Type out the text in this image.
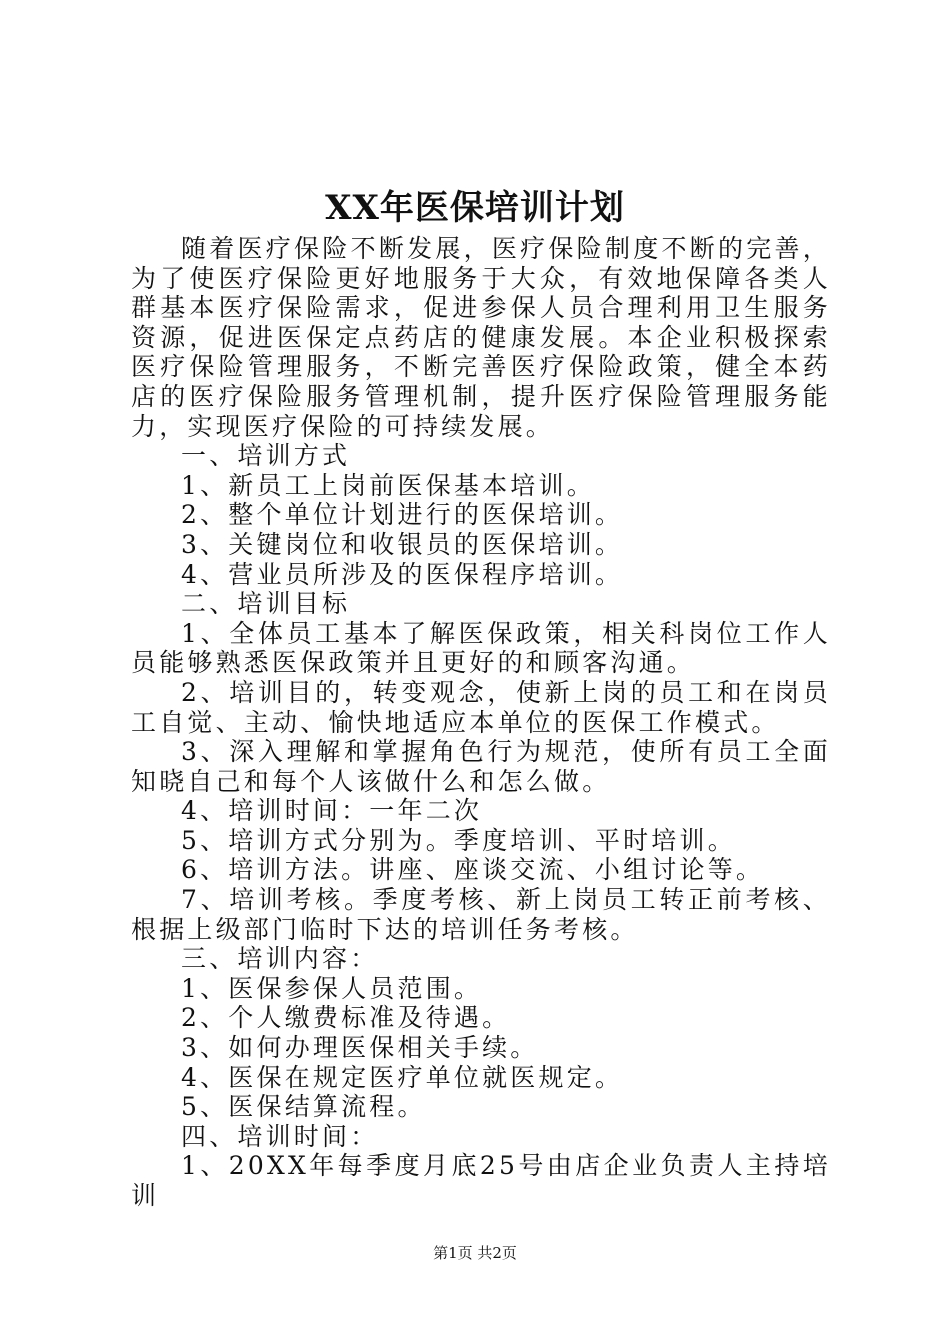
XX年医保培训计划

随着医疗保险不断发展，医疗保险制度不断的完善，为了使医疗保险更好地服务于大众，有效地保障各类人群基本医疗保险需求，促进参保人员合理利用卫生服务资源，促进医保定点药店的健康发展。本企业积极探索医疗保险管理服务，不断完善医疗保险政策，健全本药店的医疗保险服务管理机制，提升医疗保险管理服务能力，实现医疗保险的可持续发展。

一、培训方式

1、新员工上岗前医保基本培训。

2、整个单位计划进行的医保培训。

3、关键岗位和收银员的医保培训。

4、营业员所涉及的医保程序培训。

二、培训目标

1、全体员工基本了解医保政策，相关科岗位工作人员能够熟悉医保政策并且更好的和顾客沟通。

2、培训目的，转变观念，使新上岗的员工和在岗员工自觉、主动、愉快地适应本单位的医保工作模式。

3、深入理解和掌握角色行为规范，使所有员工全面知晓自己和每个人该做什么和怎么做。

4、培训时间：一年二次

5、培训方式分别为。季度培训、平时培训。

6、培训方法。讲座、座谈交流、小组讨论等。

7、培训考核。季度考核、新上岗员工转正前考核、根据上级部门临时下达的培训任务考核。

三、培训内容：

1、医保参保人员范围。

2、个人缴费标准及待遇。

3、如何办理医保相关手续。

4、医保在规定医疗单位就医规定。

5、医保结算流程。

四、培训时间：

1、20XX年每季度月底25号由店企业负责人主持培训

第1页 共2页
